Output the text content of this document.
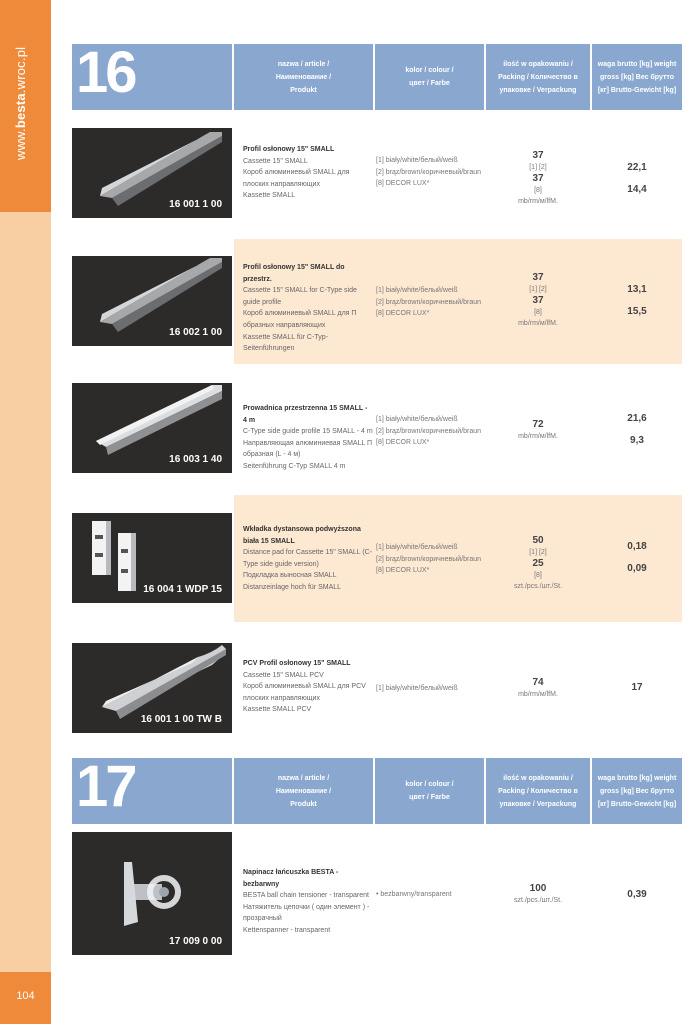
www.besta.wroc.pl
104
16	nazwa / article / Наименование / Produkt
kolor / colour / цвет / Farbe
ilość w opakowaniu / Packing / Количество в упаковке / Verpackung
waga brutto [kg] weight gross [kg] Вес брутто [кг] Brutto-Gewicht [kg]
16 001 1 00
Profil osłonowy 15" SMALL
Cassette 15" SMALL
Короб алюминиевый SMALL для плоских направляющих
Kassette SMALL
[1] biały/white/белый/weiß
[2] brąz/brown/коричневый/braun
[8] DECOR LUX*
37
[1] [2]
37
[8]
mb/rm/м/lfM.
22,1
14,4
16 002 1 00
Profil osłonowy 15" SMALL do przestrz.
Cassette 15" SMALL for C-Type side guide profile
Короб алюминиевый SMALL для П образных направляющих
Kassette SMALL für C-Typ-Seitenführungen
[1] biały/white/белый/weiß
[2] brąz/brown/коричневый/braun
[8] DECOR LUX*
37
[1] [2]
37
[8]
mb/rm/м/lfM.
13,1
15,5
16 003 1 40
Prowadnica przestrzenna 15 SMALL - 4 m
C-Type side guide profile 15 SMALL - 4 m
Направляющая алюминиевая SMALL П образная (L - 4 м)
Seitenführung C-Typ SMALL 4 m
[1] biały/white/белый/weiß
[2] brąz/brown/коричневый/braun
[8] DECOR LUX*
72
mb/rm/м/lfM.
21,6
9,3
16 004 1 WDP 15
Wkładka dystansowa podwyższona biała 15 SMALL
Distance pad for Cassette 15" SMALL (C-Type side guide version)
Подкладка выносная SMALL
Distanzeinlage hoch für SMALL
[1] biały/white/белый/weiß
[2] brąz/brown/коричневый/braun
[8] DECOR LUX*
50
[1] [2]
25
[8]
szt./pcs./шт./St.
0,18
0,09
16 001 1 00 TW B
PCV Profil osłonowy 15" SMALL
Cassette 15" SMALL PCV
Короб алюминиевый SMALL для PCV плоских направляющих
Kassette SMALL PCV
[1] biały/white/белый/weiß
74
mb/rm/м/lfM.
17
17	nazwa / article / Наименование / Produkt
kolor / colour / цвет / Farbe
ilość w opakowaniu / Packing / Количество в упаковке / Verpackung
waga brutto [kg] weight gross [kg] Вес брутто [кг] Brutto-Gewicht [kg]
17 009 0 00
Napinacz łańcuszka BESTA - bezbarwny
BESTA ball chain tensioner - transparent
Натяжитель цепочки ( один элемент ) - прозрачный
Kettenspanner - transparent
• bezbarwny/transparent
100
szt./pcs./шт./St.
0,39
